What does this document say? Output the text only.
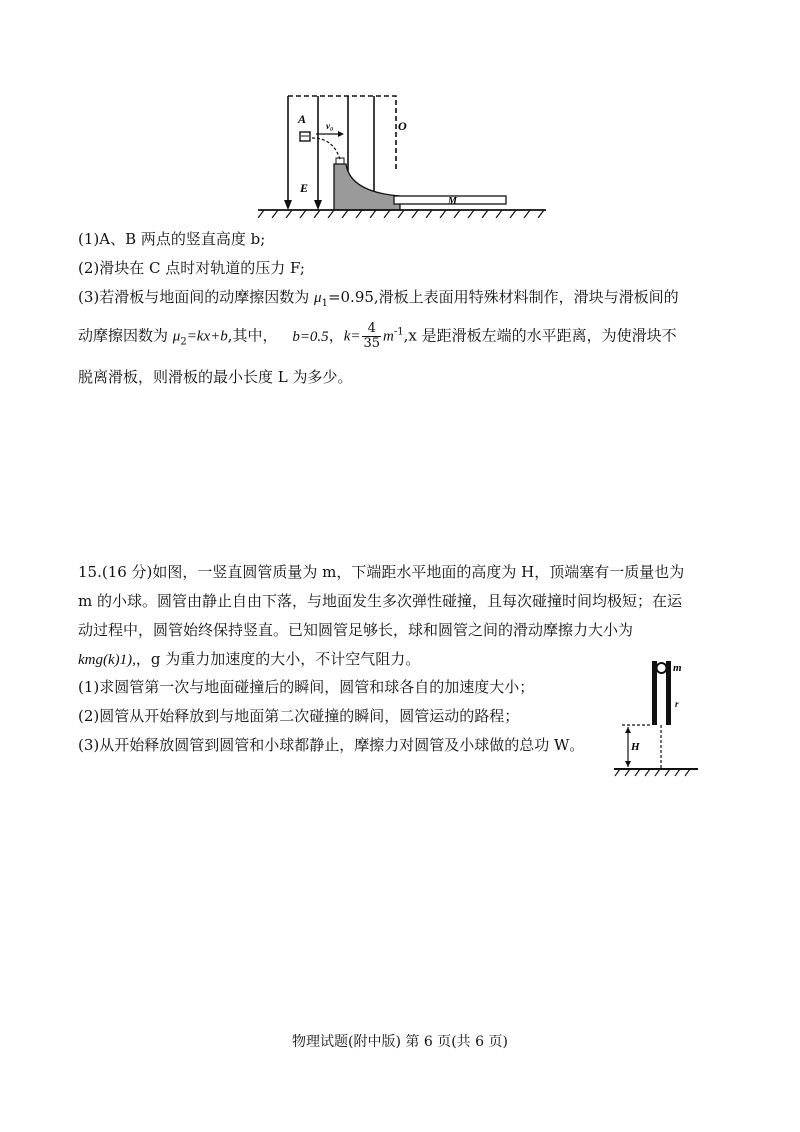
A v₀	O
E
M
(1)A、B 两点的竖直高度 b;
(2)滑块在 C 点时对轨道的压力 F;
(3)若滑板与地面间的动摩擦因数为 $\mu_1=0.95$,滑板上表面用特殊材料制作，滑块与滑板间的
动摩擦因数为 $\mu_2=kx+b$,其中， b=0.5，$k= \frac{4}{35} m^{-1},x$ 是距滑板左端的水平距离，为使滑块不
脱离滑板，则滑板的最小长度 L 为多少。
15.(16 分)如图，一竖直圆管质量为 m，下端距水平地面的高度为 H，顶端塞有一质量也为
m 的小球。圆管由静止自由下落，与地面发生多次弹性碰撞，且每次碰撞时间均极短；在运
动过程中，圆管始终保持竖直。已知圆管足够长，球和圆管之间的滑动摩擦力大小为
kmg(k)1),，g 为重力加速度的大小，不计空气阻力。
(1)求圆管第一次与地面碰撞后的瞬间，圆管和球各自的加速度大小；
(2)圆管从开始释放到与地面第二次碰撞的瞬间，圆管运动的路程；
(3)从开始释放圆管到圆管和小球都静止，摩擦力对圆管及小球做的总功 W。
m
r
H
物理试题(附中版) 第 6 页(共 6 页)
